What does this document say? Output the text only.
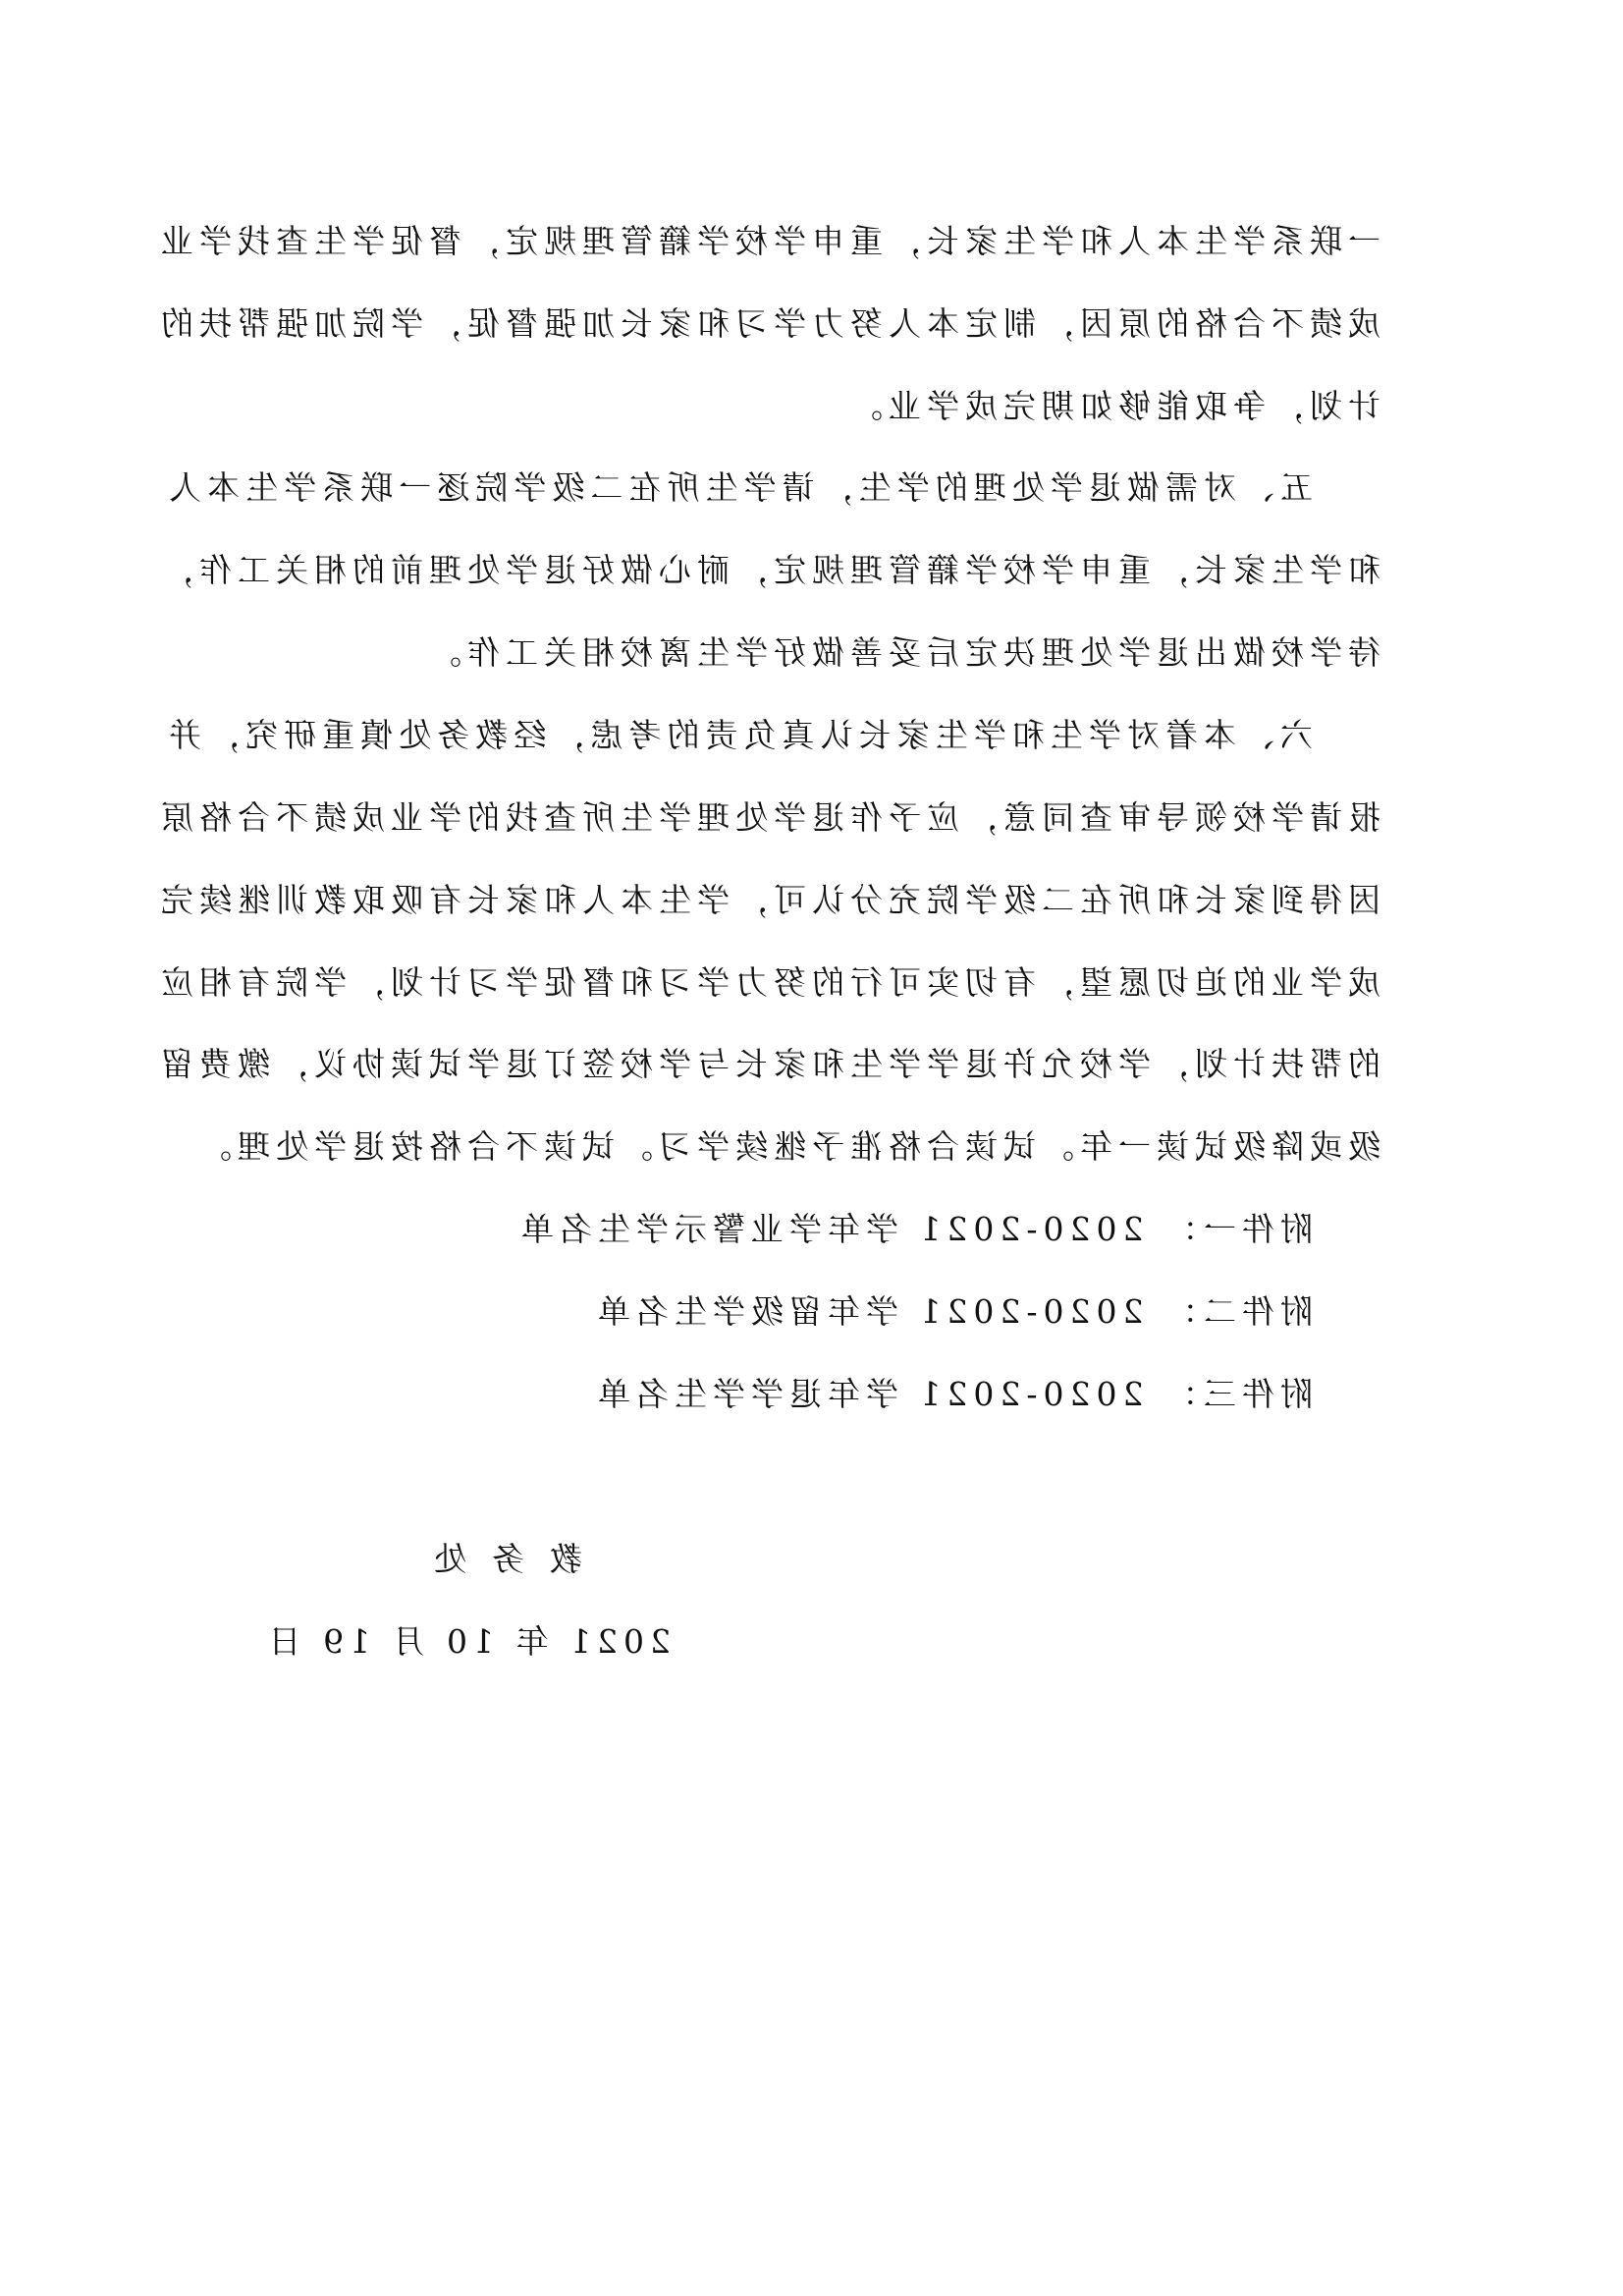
一联系学生本人和学生家长，重申学校学籍管理规定，督促学生查找学业
成绩不合格的原因，制定本人努力学习和家长加强督促，学院加强帮扶的
计划，争取能够如期完成学业。
五、对需做退学处理的学生，请学生所在二级学院逐一联系学生本人
和学生家长，重申学校学籍管理规定，耐心做好退学处理前的相关工作，
待学校做出退学处理决定后妥善做好学生离校相关工作。
六、本着对学生和学生家长认真负责的考虑，经教务处慎重研究，并
报请学校领导审查同意，应予作退学处理学生所查找的学业成绩不合格原
因得到家长和所在二级学院充分认可，学生本人和家长有吸取教训继续完
成学业的迫切愿望，有切实可行的努力学习和督促学习计划，学院有相应
的帮扶计划，学校允许退学学生和家长与学校签订退学试读协议，缴费留
级或降级试读一年。试读合格准予继续学习。试读不合格按退学处理。
附件一： 2020-2021 学年学业警示学生名单
附件二： 2020-2021 学年留级学生名单
附件三： 2020-2021 学年退学学生名单
教务处
2021 年 10 月 19 日
